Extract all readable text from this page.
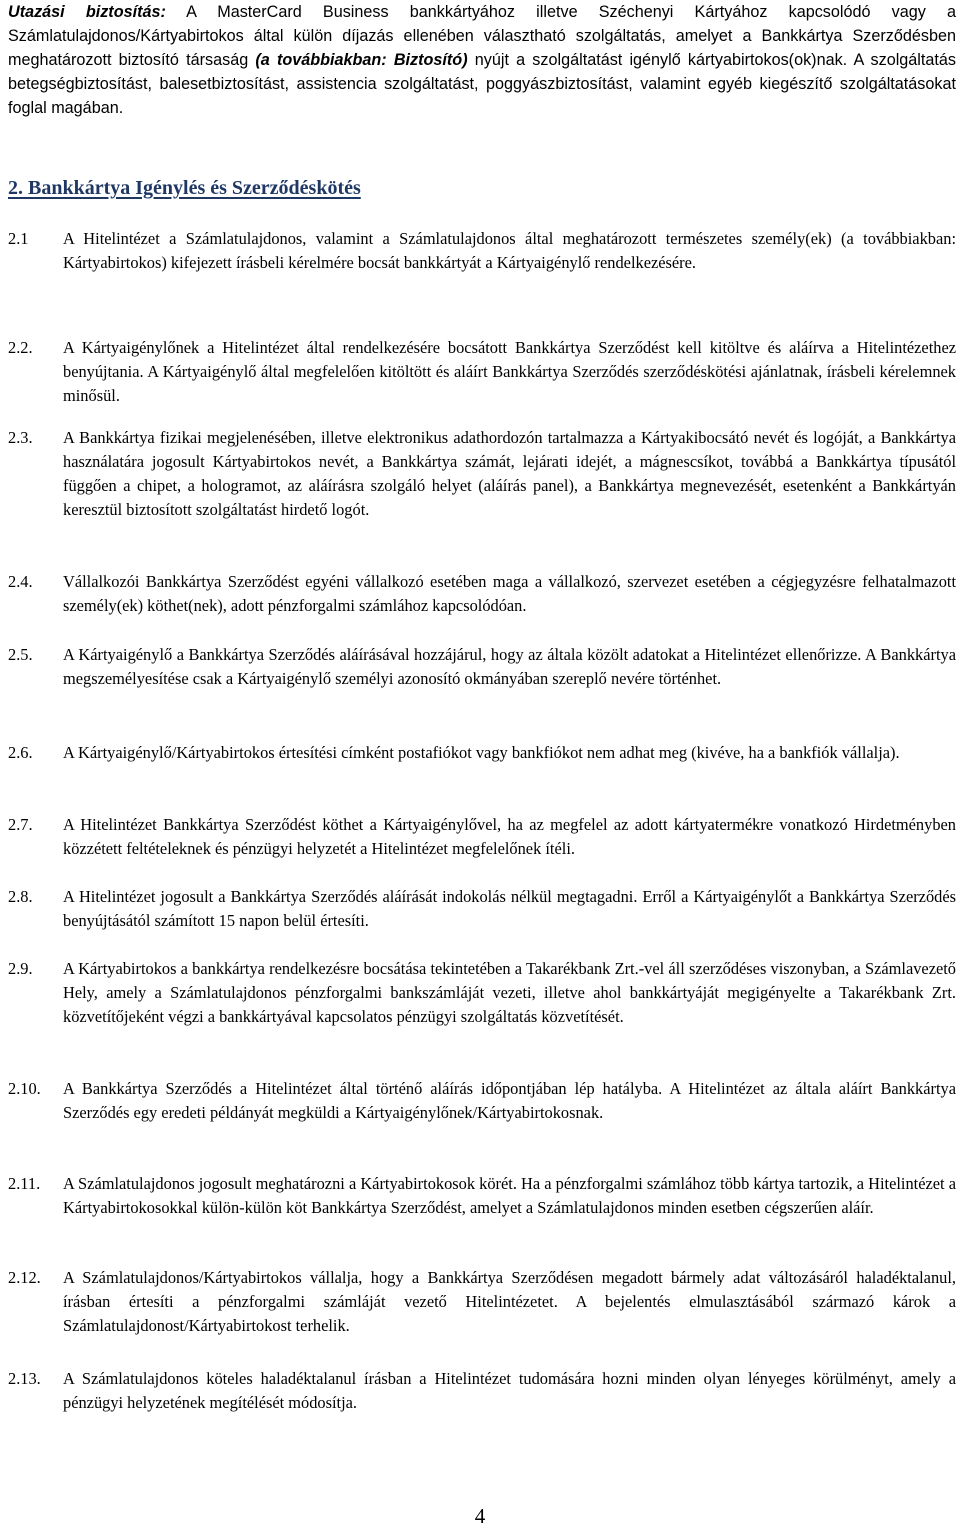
Utazási biztosítás: A MasterCard Business bankkártyához illetve Széchenyi Kártyához kapcsolódó vagy a Számlatulajdonos/Kártyabirtokos által külön díjazás ellenében választható szolgáltatás, amelyet a Bankkártya Szerződésben meghatározott biztosító társaság (a továbbiakban: Biztosító) nyújt a szolgáltatást igénylő kártyabirtokos(ok)nak. A szolgáltatás betegségbiztosítást, balesetbiztosítást, assistencia szolgáltatást, poggyászbiztosítást, valamint egyéb kiegészítő szolgáltatásokat foglal magában.

2. Bankkártya Igénylés és Szerződéskötés
2.1 A Hitelintézet a Számlatulajdonos, valamint a Számlatulajdonos által meghatározott természetes személy(ek) (a továbbiakban: Kártyabirtokos) kifejezett írásbeli kérelmére bocsát bankkártyát a Kártyaigénylő rendelkezésére.
2.2. A Kártyaigénylőnek a Hitelintézet által rendelkezésére bocsátott Bankkártya Szerződést kell kitöltve és aláírva a Hitelintézethez benyújtania. A Kártyaigénylő által megfelelően kitöltött és aláírt Bankkártya Szerződés szerződéskötési ajánlatnak, írásbeli kérelemnek minősül.
2.3. A Bankkártya fizikai megjelenésében, illetve elektronikus adathordozón tartalmazza a Kártyakibocsátó nevét és logóját, a Bankkártya használatára jogosult Kártyabirtokos nevét, a Bankkártya számát, lejárati idejét, a mágnescsíkot, továbbá a Bankkártya típusától függően a chipet, a hologramot, az aláírásra szolgáló helyet (aláírás panel), a Bankkártya megnevezését, esetenként a Bankkártyán keresztül biztosított szolgáltatást hirdető logót.
2.4. Vállalkozói Bankkártya Szerződést egyéni vállalkozó esetében maga a vállalkozó, szervezet esetében a cégjegyzésre felhatalmazott személy(ek) köthet(nek), adott pénzforgalmi számlához kapcsolódóan.
2.5. A Kártyaigénylő a Bankkártya Szerződés aláírásával hozzájárul, hogy az általa közölt adatokat a Hitelintézet ellenőrizze. A Bankkártya megszemélyesítése csak a Kártyaigénylő személyi azonosító okmányában szereplő nevére történhet.
2.6. A Kártyaigénylő/Kártyabirtokos értesítési címként postafiókot vagy bankfiókot nem adhat meg (kivéve, ha a bankfiók vállalja).
2.7. A Hitelintézet Bankkártya Szerződést köthet a Kártyaigénylővel, ha az megfelel az adott kártyatermékre vonatkozó Hirdetményben közzétett feltételeknek és pénzügyi helyzetét a Hitelintézet megfelelőnek ítéli.
2.8. A Hitelintézet jogosult a Bankkártya Szerződés aláírását indokolás nélkül megtagadni. Erről a Kártyaigénylőt a Bankkártya Szerződés benyújtásától számított 15 napon belül értesíti.
2.9. A Kártyabirtokos a bankkártya rendelkezésre bocsátása tekintetében a Takarékbank Zrt.-vel áll szerződéses viszonyban, a Számlavezető Hely, amely a Számlatulajdonos pénzforgalmi bankszámláját vezeti, illetve ahol bankkártyáját megigényelte a Takarékbank Zrt. közvetítőjeként végzi a bankkártyával kapcsolatos pénzügyi szolgáltatás közvetítését.
2.10. A Bankkártya Szerződés a Hitelintézet által történő aláírás időpontjában lép hatályba. A Hitelintézet az általa aláírt Bankkártya Szerződés egy eredeti példányát megküldi a Kártyaigénylőnek/Kártyabirtokosnak.
2.11. A Számlatulajdonos jogosult meghatározni a Kártyabirtokosok körét. Ha a pénzforgalmi számlához több kártya tartozik, a Hitelintézet a Kártyabirtokosokkal külön-külön köt Bankkártya Szerződést, amelyet a Számlatulajdonos minden esetben cégszerűen aláír.
2.12. A Számlatulajdonos/Kártyabirtokos vállalja, hogy a Bankkártya Szerződésen megadott bármely adat változásáról haladéktalanul, írásban értesíti a pénzforgalmi számláját vezető Hitelintézetet. A bejelentés elmulasztásából származó károk a Számlatulajdonost/Kártyabirtokost terhelik.
2.13. A Számlatulajdonos köteles haladéktalanul írásban a Hitelintézet tudomására hozni minden olyan lényeges körülményt, amely a pénzügyi helyzetének megítélését módosítja.
4
